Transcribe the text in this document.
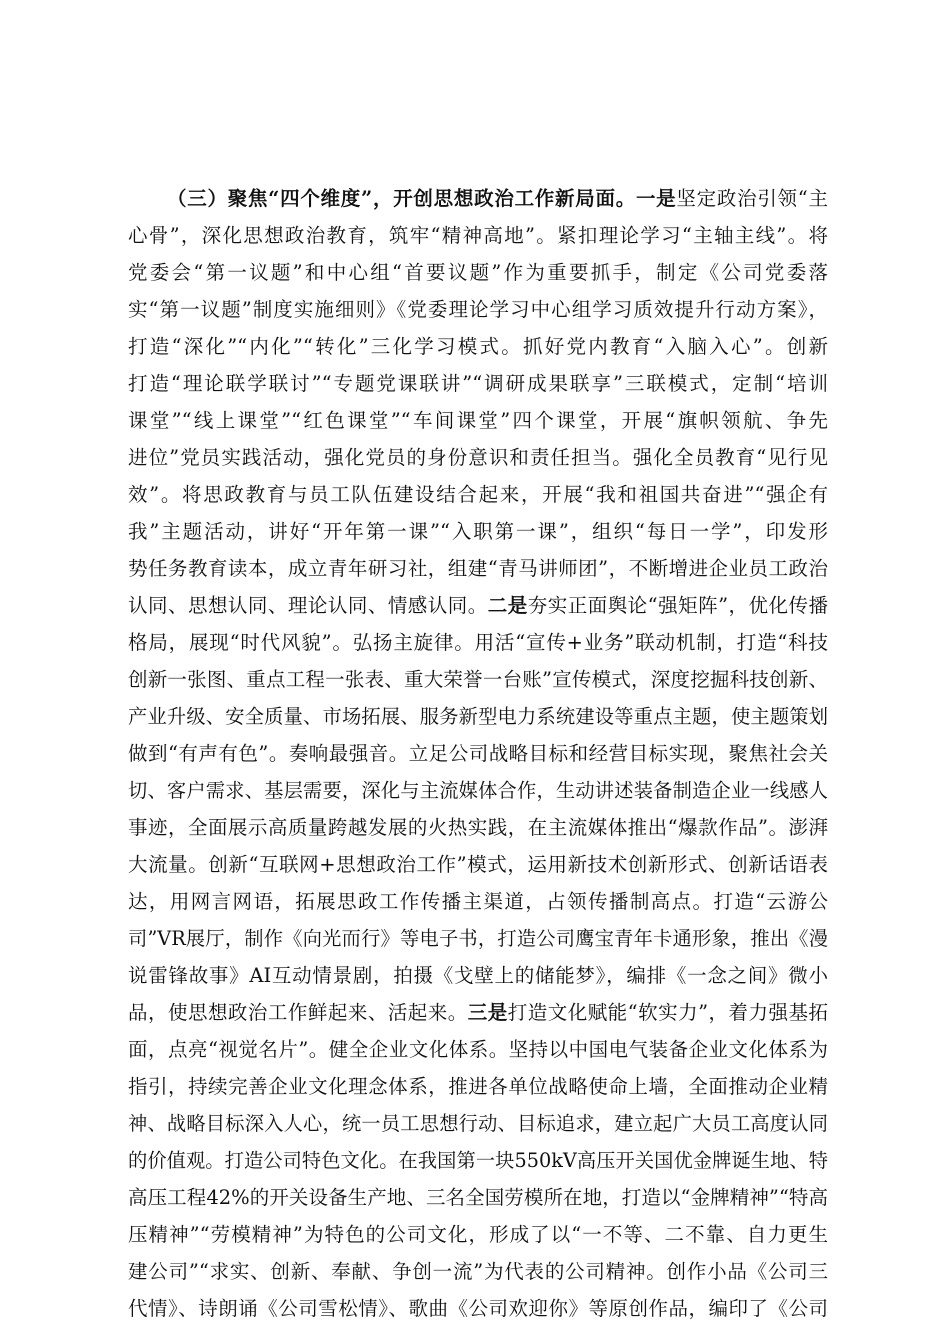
（三）聚焦“四个维度”，开创思想政治工作新局面。一是坚定政治引领“主
心骨”，深化思想政治教育，筑牢“精神高地”。紧扣理论学习“主轴主线”。将
党委会“第一议题”和中心组“首要议题”作为重要抓手，制定《公司党委落
实“第一议题”制度实施细则》《党委理论学习中心组学习质效提升行动方案》，
打造“深化”“内化”“转化”三化学习模式。抓好党内教育“入脑入心”。创新
打造“理论联学联讨”“专题党课联讲”“调研成果联享”三联模式，定制“培训
课堂”“线上课堂”“红色课堂”“车间课堂”四个课堂，开展“旗帜领航、争先
进位”党员实践活动，强化党员的身份意识和责任担当。强化全员教育“见行见
效”。将思政教育与员工队伍建设结合起来，开展“我和祖国共奋进”“强企有
我”主题活动，讲好“开年第一课”“入职第一课”，组织“每日一学”，印发形
势任务教育读本，成立青年研习社，组建“青马讲师团”，不断增进企业员工政治
认同、思想认同、理论认同、情感认同。二是夯实正面舆论“强矩阵”，优化传播
格局，展现“时代风貌”。弘扬主旋律。用活“宣传+业务”联动机制，打造“科技
创新一张图、重点工程一张表、重大荣誉一台账”宣传模式，深度挖掘科技创新、
产业升级、安全质量、市场拓展、服务新型电力系统建设等重点主题，使主题策划
做到“有声有色”。奏响最强音。立足公司战略目标和经营目标实现，聚焦社会关
切、客户需求、基层需要，深化与主流媒体合作，生动讲述装备制造企业一线感人
事迹，全面展示高质量跨越发展的火热实践，在主流媒体推出“爆款作品”。澎湃
大流量。创新“互联网+思想政治工作”模式，运用新技术创新形式、创新话语表
达，用网言网语，拓展思政工作传播主渠道，占领传播制高点。打造“云游公
司”VR展厅，制作《向光而行》等电子书，打造公司鹰宝青年卡通形象，推出《漫
说雷锋故事》AI互动情景剧，拍摄《戈壁上的储能梦》，编排《一念之间》微小
品，使思想政治工作鲜起来、活起来。三是打造文化赋能“软实力”，着力强基拓
面，点亮“视觉名片”。健全企业文化体系。坚持以中国电气装备企业文化体系为
指引，持续完善企业文化理念体系，推进各单位战略使命上墙，全面推动企业精
神、战略目标深入人心，统一员工思想行动、目标追求，建立起广大员工高度认同
的价值观。打造公司特色文化。在我国第一块550kV高压开关国优金牌诞生地、特
高压工程42%的开关设备生产地、三名全国劳模所在地，打造以“金牌精神”“特高
压精神”“劳模精神”为特色的公司文化，形成了以“一不等、二不靠、自力更生
建公司”“求实、创新、奉献、争创一流”为代表的公司精神。创作小品《公司三
代情》、诗朗诵《公司雪松情》、歌曲《公司欢迎你》等原创作品，编印了《公司
